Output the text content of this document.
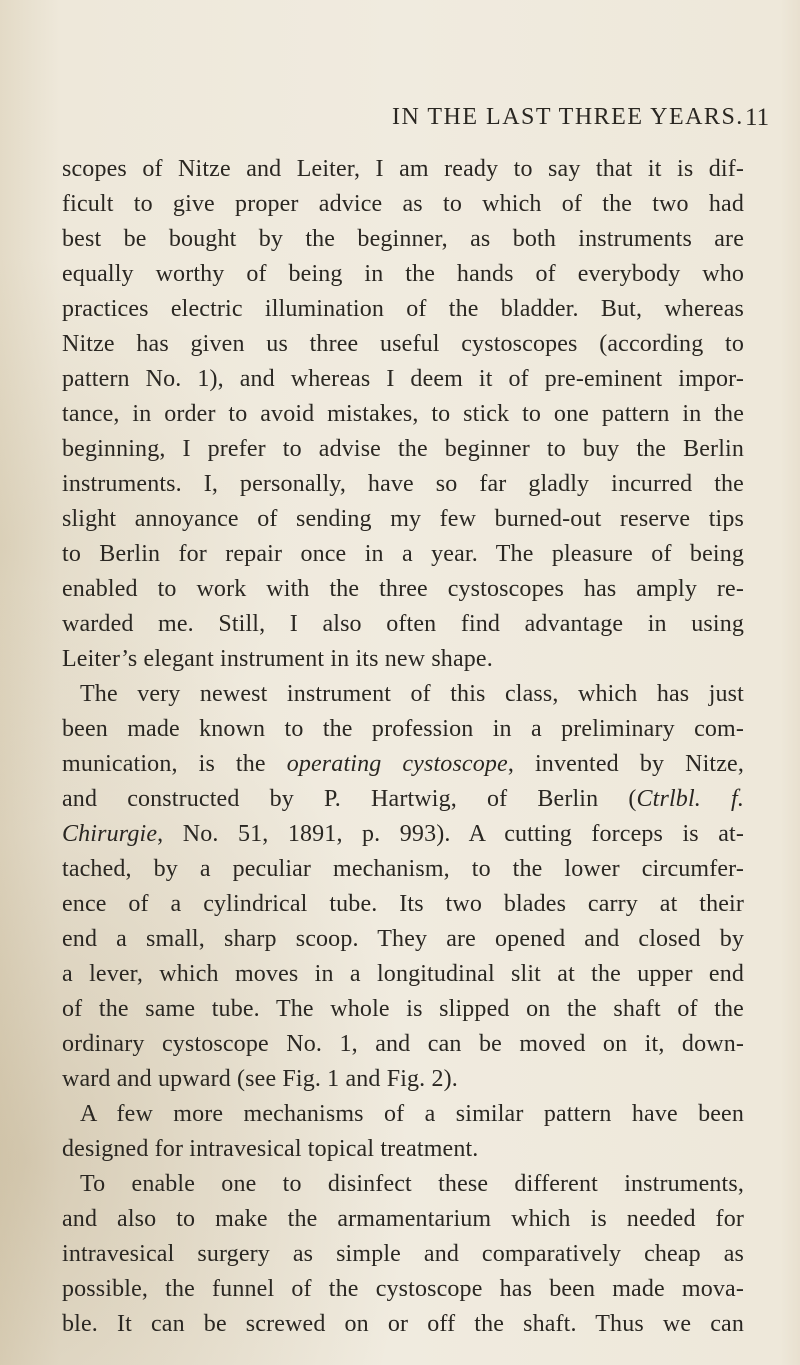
IN THE LAST THREE YEARS. 11
scopes of Nitze and Leiter, I am ready to say that it is dif-
ficult to give proper advice as to which of the two had
best be bought by the beginner, as both instruments are
equally worthy of being in the hands of everybody who
practices electric illumination of the bladder. But, whereas
Nitze has given us three useful cystoscopes (according to
pattern No. 1), and whereas I deem it of pre-eminent impor-
tance, in order to avoid mistakes, to stick to one pattern in the
beginning, I prefer to advise the beginner to buy the Berlin
instruments. I, personally, have so far gladly incurred the
slight annoyance of sending my few burned-out reserve tips
to Berlin for repair once in a year. The pleasure of being
enabled to work with the three cystoscopes has amply re-
warded me. Still, I also often find advantage in using
Leiter’s elegant instrument in its new shape.
The very newest instrument of this class, which has just
been made known to the profession in a preliminary com-
munication, is the operating cystoscope, invented by Nitze,
and constructed by P. Hartwig, of Berlin (Ctrlbl. f.
Chirurgie, No. 51, 1891, p. 993). A cutting forceps is at-
tached, by a peculiar mechanism, to the lower circumfer-
ence of a cylindrical tube. Its two blades carry at their
end a small, sharp scoop. They are opened and closed by
a lever, which moves in a longitudinal slit at the upper end
of the same tube. The whole is slipped on the shaft of the
ordinary cystoscope No. 1, and can be moved on it, down-
ward and upward (see Fig. 1 and Fig. 2).
A few more mechanisms of a similar pattern have been
designed for intravesical topical treatment.
To enable one to disinfect these different instruments,
and also to make the armamentarium which is needed for
intravesical surgery as simple and comparatively cheap as
possible, the funnel of the cystoscope has been made mova-
ble. It can be screwed on or off the shaft. Thus we can
